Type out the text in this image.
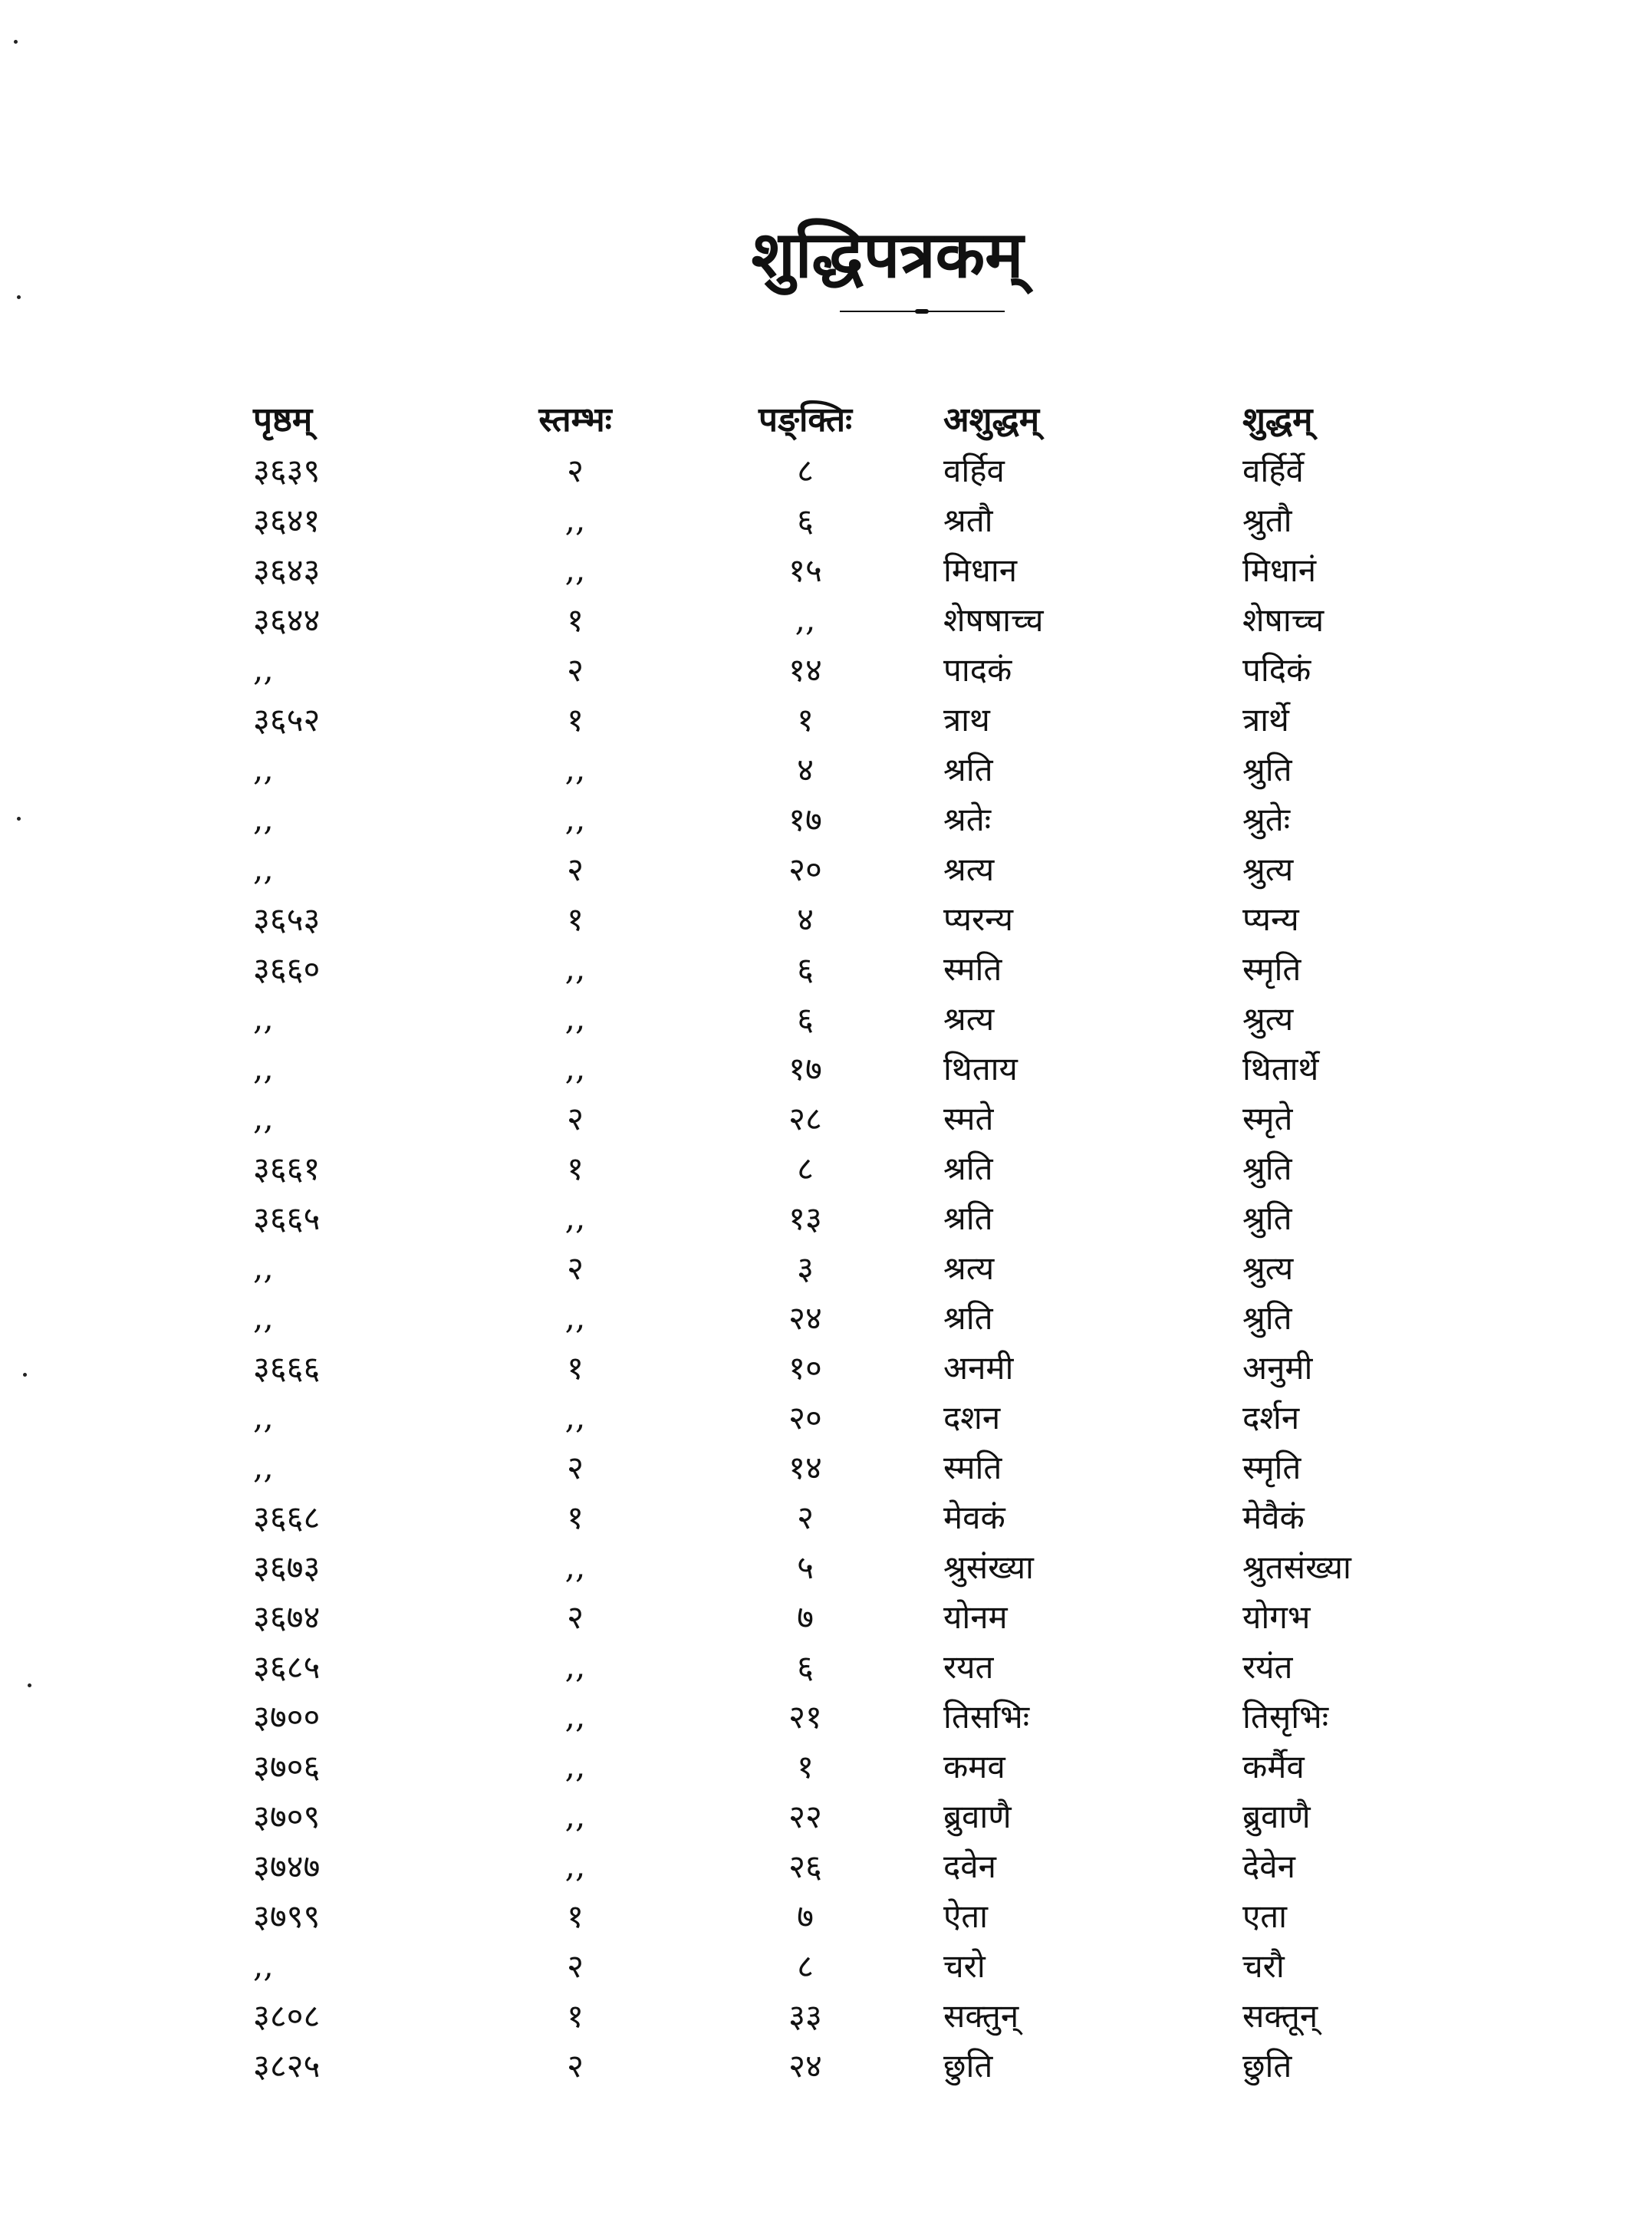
शुद्धिपत्रकम्
पृष्ठम्	स्तम्भः	पङ्क्तिः	अशुद्धम्	शुद्धम्
३६३९	२	८	वर्हिव	वर्हिर्वे
३६४१	,,	६	श्रतौ	श्रुतौ
३६४३	,,	१५	मिधान	मिधानं
३६४४	१	,,	शेषषाच्च	शेषाच्च
,,	२	१४	पादकं	पदिकं
३६५२	१	१	त्राथ	त्रार्थे
,,	,,	४	श्रति	श्रुति
,,	,,	१७	श्रतेः	श्रुतेः
,,	२	२०	श्रत्य	श्रुत्य
३६५३	१	४	प्यरन्य	प्यन्य
३६६०	,,	६	स्मति	स्मृति
,,	,,	६	श्रत्य	श्रुत्य
,,	,,	१७	थिताय	थितार्थे
,,	२	२८	स्मते	स्मृते
३६६१	१	८	श्रति	श्रुति
३६६५	,,	१३	श्रति	श्रुति
,,	२	३	श्रत्य	श्रुत्य
,,	,,	२४	श्रति	श्रुति
३६६६	१	१०	अनमी	अनुमी
,,	,,	२०	दशन	दर्शन
,,	२	१४	स्मति	स्मृति
३६६८	१	२	मेवकं	मेवैकं
३६७३	,,	५	श्रुसंख्या	श्रुतसंख्या
३६७४	२	७	योनम	योगभ
३६८५	,,	६	रयत	रयंत
३७००	,,	२१	तिसभिः	तिसृभिः
३७०६	,,	१	कमव	कर्मैव
३७०९	,,	२२	ब्रुवाणै	ब्रुवाणै
३७४७	,,	२६	दवेन	देवेन
३७९९	१	७	ऐता	एता
,,	२	८	चरो	चरौ
३८०८	१	३३	सक्तुन्	सक्तून्
३८२५	२	२४	छुति	छुति
